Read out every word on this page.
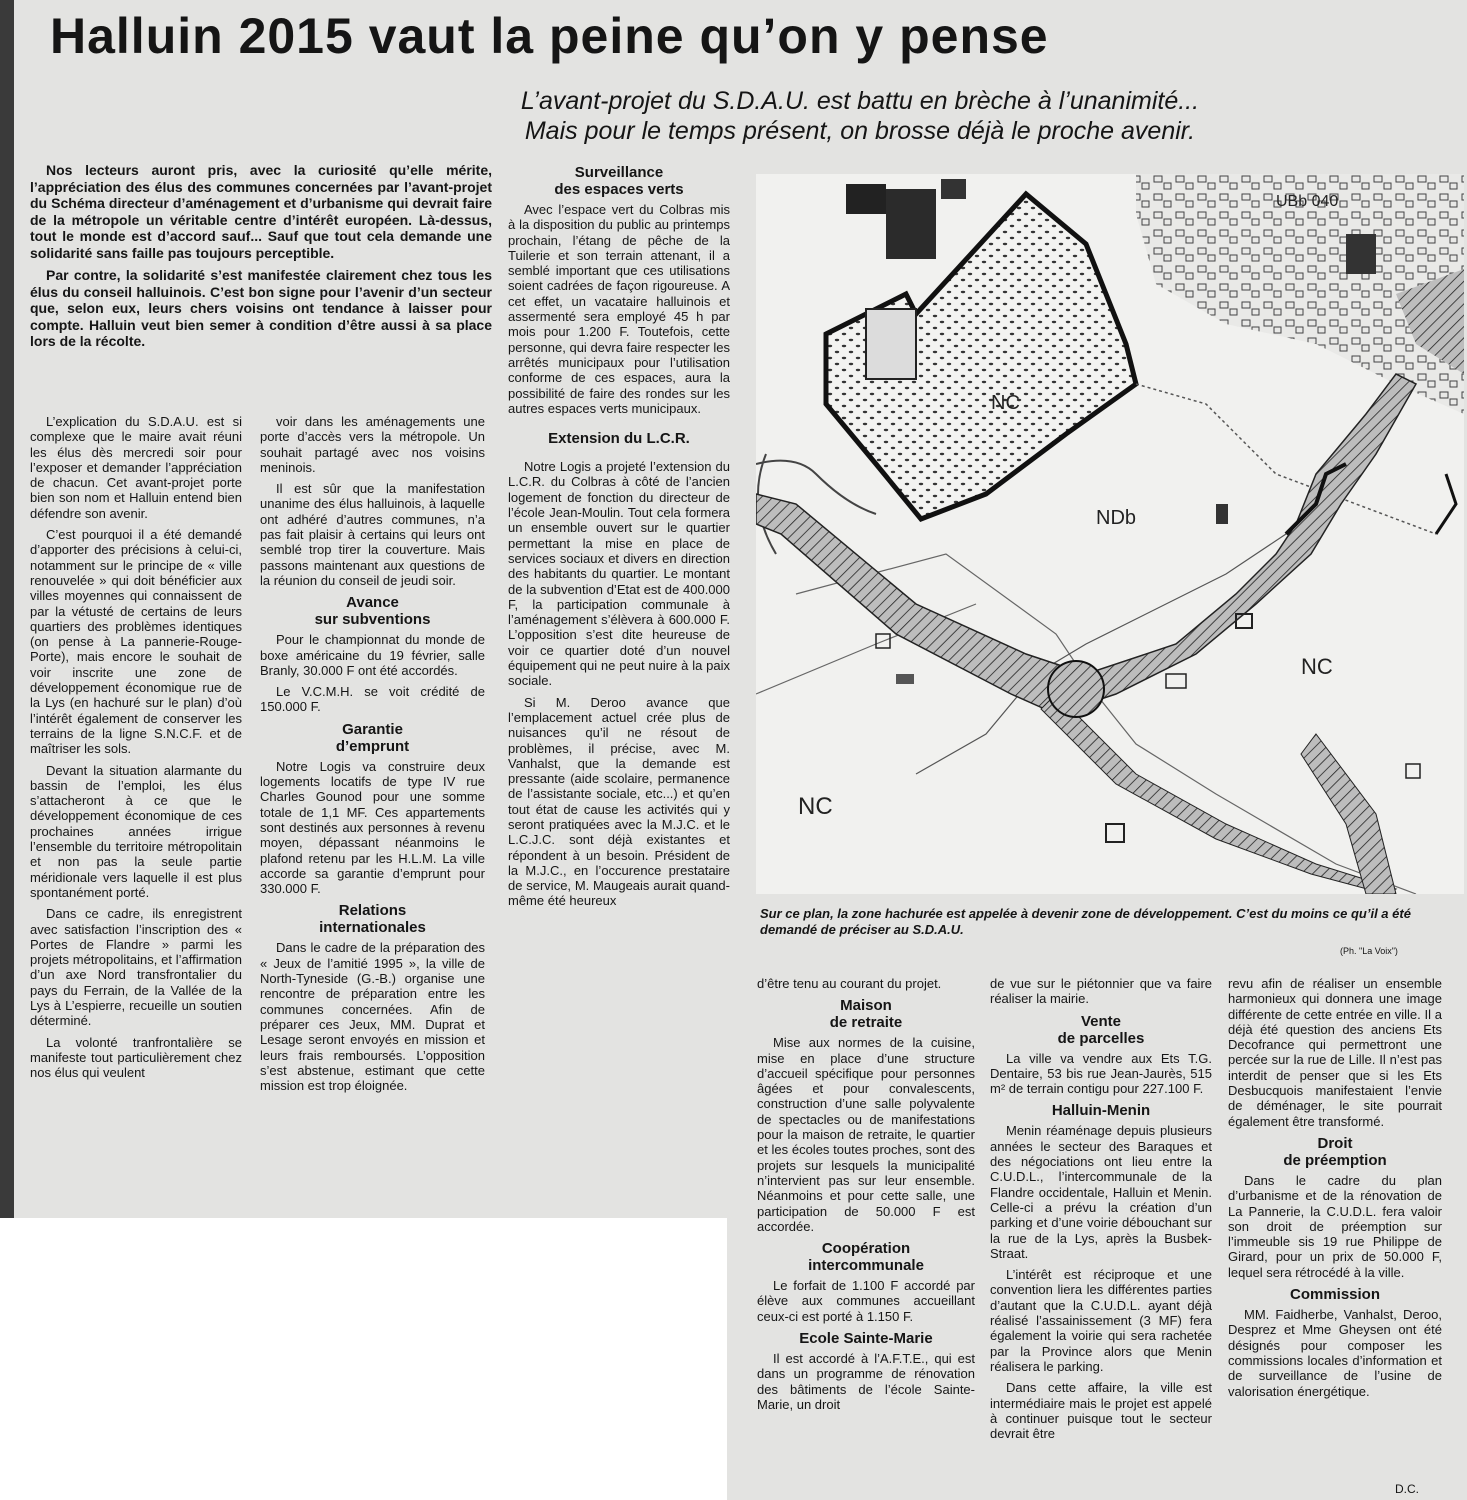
Halluin 2015 vaut la peine qu’on y pense
L’avant-projet du S.D.A.U. est battu en brèche à l’unanimité...
Mais pour le temps présent, on brosse déjà le proche avenir.

Nos lecteurs auront pris, avec la curiosité qu’elle mérite, l’appréciation des élus des communes concernées par l’avant-projet du Schéma directeur d’aménagement et d’urbanisme qui devrait faire de la métropole un véritable centre d’intérêt européen. Là-dessus, tout le monde est d’accord sauf... Sauf que tout cela demande une solidarité sans faille pas toujours perceptible.

Par contre, la solidarité s’est manifestée clairement chez tous les élus du conseil halluinois. C’est bon signe pour l’avenir d’un secteur que, selon eux, leurs chers voisins ont tendance à laisser pour compte. Halluin veut bien semer à condition d’être aussi à sa place lors de la récolte.

L’explication du S.D.A.U. est si complexe que le maire avait réuni les élus dès mercredi soir pour l’exposer et demander l’appréciation de chacun. Cet avant-projet porte bien son nom et Halluin entend bien défendre son avenir.

C’est pourquoi il a été demandé d’apporter des précisions à celui-ci, notamment sur le principe de « ville renouvelée » qui doit bénéficier aux villes moyennes qui connaissent de par la vétusté de certains de leurs quartiers des problèmes identiques (on pense à La pannerie-Rouge-Porte), mais encore le souhait de voir inscrite une zone de développement économique rue de la Lys (en hachuré sur le plan) d’où l’intérêt également de conserver les terrains de la ligne S.N.C.F. et de maîtriser les sols.

Devant la situation alarmante du bassin de l’emploi, les élus s’attacheront à ce que le développement économique de ces prochaines années irrigue l’ensemble du territoire métropolitain et non pas la seule partie méridionale vers laquelle il est plus spontanément porté.

Dans ce cadre, ils enregistrent avec satisfaction l’inscription des « Portes de Flandre » parmi les projets métropolitains, et l’affirmation d’un axe Nord transfrontalier du pays du Ferrain, de la Vallée de la Lys à L’espierre, recueille un soutien déterminé.

La volonté tranfrontalière se manifeste tout particulièrement chez nos élus qui veulent

voir dans les aménagements une porte d’accès vers la métropole. Un souhait partagé avec nos voisins meninois.

Il est sûr que la manifestation unanime des élus halluinois, à laquelle ont adhéré d’autres communes, n’a pas fait plaisir à certains qui leurs ont semblé trop tirer la couverture. Mais passons maintenant aux questions de la réunion du conseil de jeudi soir.

Avance
sur subventions

Pour le championnat du monde de boxe américaine du 19 février, salle Branly, 30.000 F ont été accordés.

Le V.C.M.H. se voit crédité de 150.000 F.

Garantie
d’emprunt

Notre Logis va construire deux logements locatifs de type IV rue Charles Gounod pour une somme totale de 1,1 MF. Ces appartements sont destinés aux personnes à revenu moyen, dépassant néanmoins le plafond retenu par les H.L.M. La ville accorde sa garantie d’emprunt pour 330.000 F.

Relations
internationales

Dans le cadre de la préparation des « Jeux de l’amitié 1995 », la ville de North-Tyneside (G.-B.) organise une rencontre de préparation entre les communes concernées. Afin de préparer ces Jeux, MM. Duprat et Lesage seront envoyés en mission et leurs frais remboursés. L’opposition s’est abstenue, estimant que cette mission est trop éloignée.

Surveillance
des espaces verts

Avec l’espace vert du Colbras mis à la disposition du public au printemps prochain, l’étang de pêche de la Tuilerie et son terrain attenant, il a semblé important que ces utilisations soient cadrées de façon rigoureuse. A cet effet, un vacataire halluinois et assermenté sera employé 45 h par mois pour 1.200 F. Toutefois, cette personne, qui devra faire respecter les arrêtés municipaux pour l’utilisation conforme de ces espaces, aura la possibilité de faire des rondes sur les autres espaces verts municipaux.

Extension du L.C.R.

Notre Logis a projeté l’extension du L.C.R. du Colbras à côté de l’ancien logement de fonction du directeur de l’école Jean-Moulin. Tout cela formera un ensemble ouvert sur le quartier permettant la mise en place de services sociaux et divers en direction des habitants du quartier. Le montant de la subvention d’Etat est de 400.000 F, la participation communale à l’aménagement s’élèvera à 600.000 F. L’opposition s’est dite heureuse de voir ce quartier doté d’un nouvel équipement qui ne peut nuire à la paix sociale.

Si M. Deroo avance que l’emplacement actuel crée plus de nuisances qu’il ne résout de problèmes, il précise, avec M. Vanhalst, que la demande est pressante (aide scolaire, permanence de l’assistante sociale, etc...) et qu’en tout état de cause les activités qui y seront pratiquées avec la M.J.C. et le L.C.J.C. sont déjà existantes et répondent à un besoin. Président de la M.J.C., en l’occurence prestataire de service, M. Maugeais aurait quand-même été heureux

NC
NDb
NC
NC
UBb 040

Sur ce plan, la zone hachurée est appelée à devenir zone de développement. C’est du moins ce qu’il a été demandé de préciser au S.D.A.U.

(Ph. "La Voix")

d’être tenu au courant du projet.

Maison
de retraite

Mise aux normes de la cuisine, mise en place d’une structure d’accueil spécifique pour personnes âgées et pour convalescents, construction d’une salle polyvalente de spectacles ou de manifestations pour la maison de retraite, le quartier et les écoles toutes proches, sont des projets sur lesquels la municipalité n’intervient pas sur leur ensemble. Néanmoins et pour cette salle, une participation de 50.000 F est accordée.

Coopération
intercommunale

Le forfait de 1.100 F accordé par élève aux communes accueillant ceux-ci est porté à 1.150 F.

Ecole Sainte-Marie

Il est accordé à l’A.F.T.E., qui est dans un programme de rénovation des bâtiments de l’école Sainte-Marie, un droit

de vue sur le piétonnier que va faire réaliser la mairie.

Vente
de parcelles

La ville va vendre aux Ets T.G. Dentaire, 53 bis rue Jean-Jaurès, 515 m² de terrain contigu pour 227.100 F.

Halluin-Menin

Menin réaménage depuis plusieurs années le secteur des Baraques et des négociations ont lieu entre la C.U.D.L., l’intercommunale de la Flandre occidentale, Halluin et Menin. Celle-ci a prévu la création d’un parking et d’une voirie débouchant sur la rue de la Lys, après la Busbek-Straat.

L’intérêt est réciproque et une convention liera les différentes parties d’autant que la C.U.D.L. ayant déjà réalisé l’assainissement (3 MF) fera également la voirie qui sera rachetée par la Province alors que Menin réalisera le parking.

Dans cette affaire, la ville est intermédiaire mais le projet est appelé à continuer puisque tout le secteur devrait être

revu afin de réaliser un ensemble harmonieux qui donnera une image différente de cette entrée en ville. Il a déjà été question des anciens Ets Decofrance qui permettront une percée sur la rue de Lille. Il n’est pas interdit de penser que si les Ets Desbucquois manifestaient l’envie de déménager, le site pourrait également être transformé.

Droit
de préemption

Dans le cadre du plan d’urbanisme et de la rénovation de La Pannerie, la C.U.D.L. fera valoir son droit de préemption sur l’immeuble sis 19 rue Philippe de Girard, pour un prix de 50.000 F, lequel sera rétrocédé à la ville.

Commission

MM. Faidherbe, Vanhalst, Deroo, Desprez et Mme Gheysen ont été désignés pour composer les commissions locales d’information et de surveillance de l’usine de valorisation énergétique.

D.C.
